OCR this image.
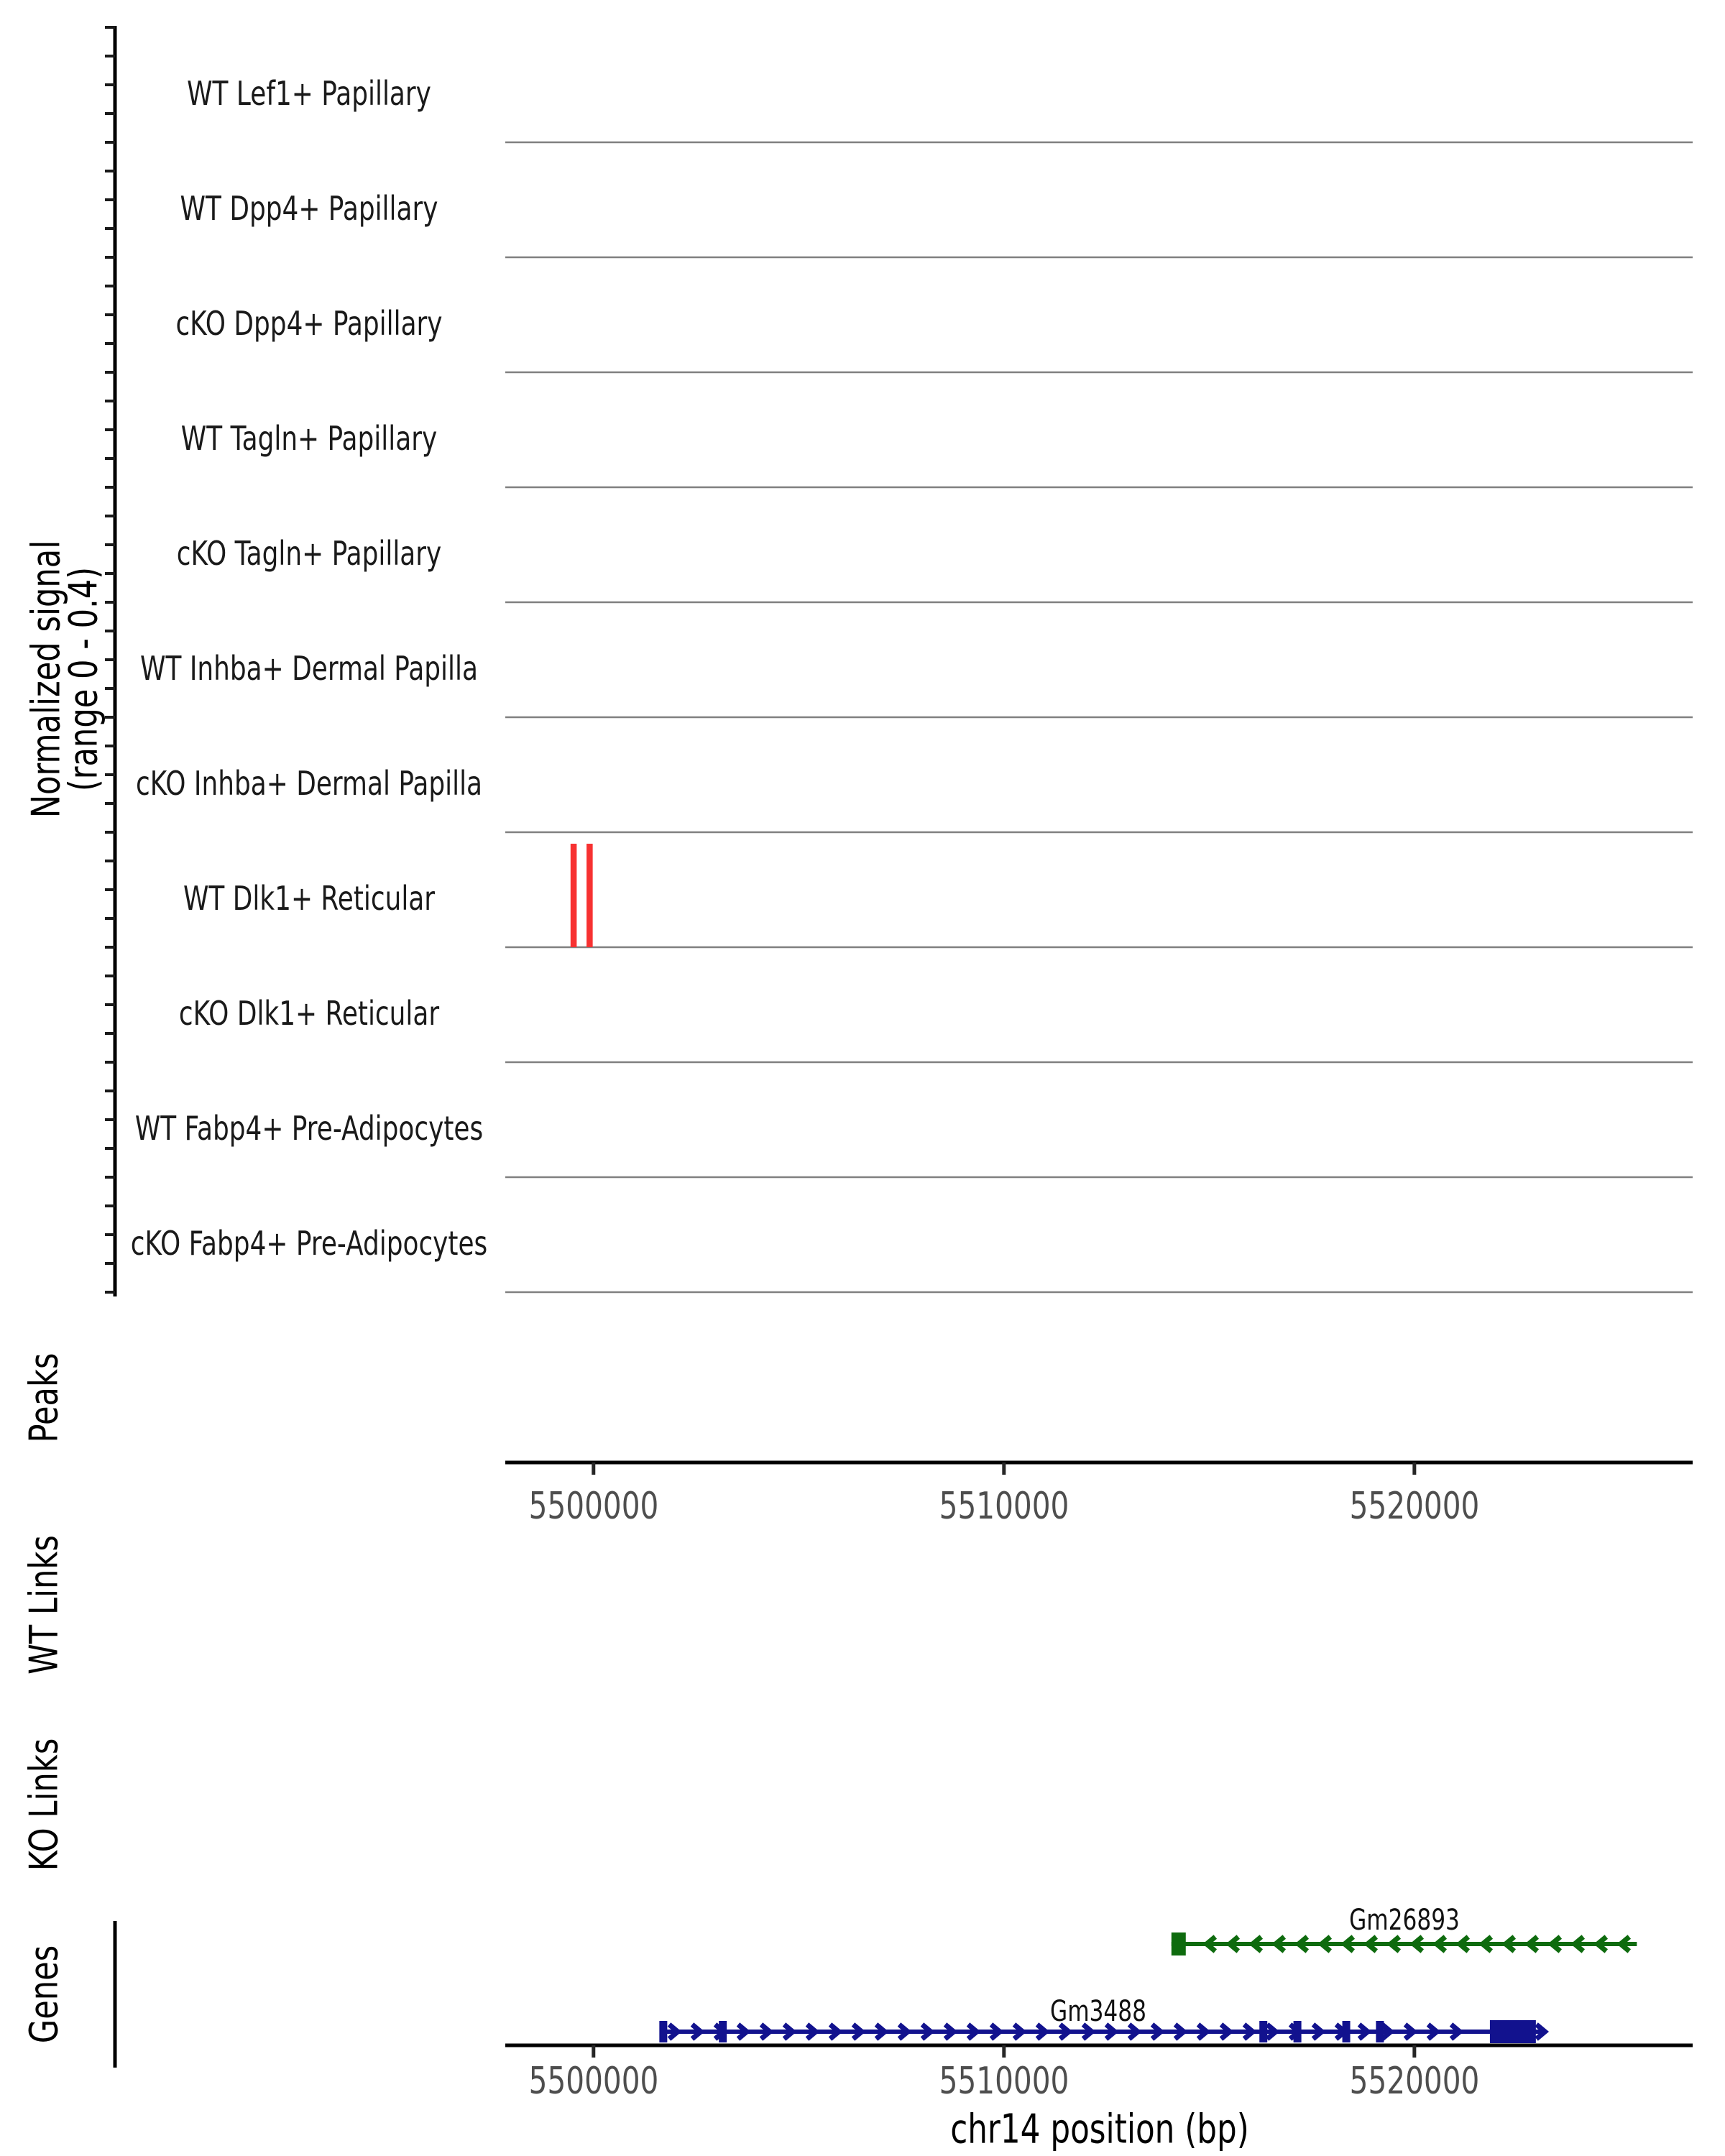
Normalized signal
(range 0 - 0.4)
Peaks
WT Links
KO Links
Genes
chr14 position (bp)
WT Lef1+ Papillary
WT Dpp4+ Papillary
cKO Dpp4+ Papillary
WT Tagln+ Papillary
cKO Tagln+ Papillary
WT Inhba+ Dermal Papilla
cKO Inhba+ Dermal Papilla
WT Dlk1+ Reticular
cKO Dlk1+ Reticular
WT Fabp4+ Pre-Adipocytes
cKO Fabp4+ Pre-Adipocytes
5500000	5510000	5520000
5500000	5510000	5520000
Gm26893
Gm3488
